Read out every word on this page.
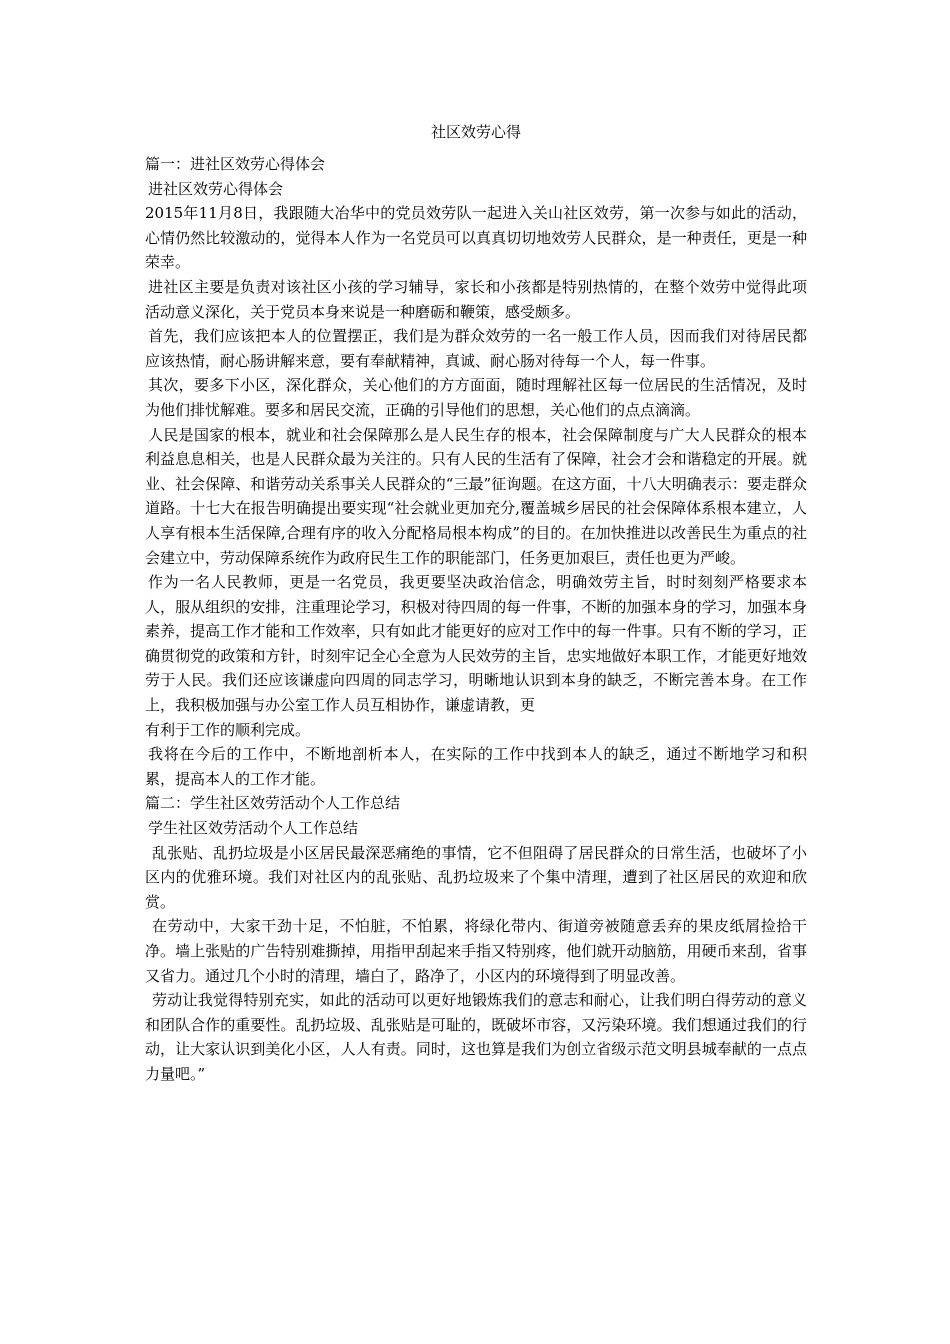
社区效劳心得
篇一：进社区效劳心得体会
进社区效劳心得体会
2015年11月8日，我跟随大冶华中的党员效劳队一起进入关山社区效劳，第一次参与如此的活动，心情仍然比较激动的，觉得本人作为一名党员可以真真切切地效劳人民群众，是一种责任，更是一种荣幸。
进社区主要是负责对该社区小孩的学习辅导，家长和小孩都是特别热情的，在整个效劳中觉得此项活动意义深化，关于党员本身来说是一种磨砺和鞭策，感受颇多。
首先，我们应该把本人的位置摆正，我们是为群众效劳的一名一般工作人员，因而我们对待居民都应该热情，耐心肠讲解来意，要有奉献精神，真诚、耐心肠对待每一个人，每一件事。
其次，要多下小区，深化群众，关心他们的方方面面，随时理解社区每一位居民的生活情况，及时为他们排忧解难。要多和居民交流，正确的引导他们的思想，关心他们的点点滴滴。
人民是国家的根本，就业和社会保障那么是人民生存的根本，社会保障制度与广大人民群众的根本利益息息相关，也是人民群众最为关注的。只有人民的生活有了保障，社会才会和谐稳定的开展。就业、社会保障、和谐劳动关系事关人民群众的“三最”征询题。在这方面，十八大明确表示：要走群众道路。十七大在报告明确提出要实现“社会就业更加充分,覆盖城乡居民的社会保障体系根本建立，人人享有根本生活保障,合理有序的收入分配格局根本构成”的目的。在加快推进以改善民生为重点的社会建立中，劳动保障系统作为政府民生工作的职能部门，任务更加艰巨，责任也更为严峻。
作为一名人民教师，更是一名党员，我更要坚决政治信念，明确效劳主旨，时时刻刻严格要求本人，服从组织的安排，注重理论学习，积极对待四周的每一件事，不断的加强本身的学习，加强本身素养，提高工作才能和工作效率，只有如此才能更好的应对工作中的每一件事。只有不断的学习，正确贯彻党的政策和方针，时刻牢记全心全意为人民效劳的主旨，忠实地做好本职工作，才能更好地效劳于人民。我们还应该谦虚向四周的同志学习，明晰地认识到本身的缺乏，不断完善本身。在工作上，我积极加强与办公室工作人员互相协作，谦虚请教，更
有利于工作的顺利完成。
我将在今后的工作中，不断地剖析本人，在实际的工作中找到本人的缺乏，通过不断地学习和积累，提高本人的工作才能。
篇二：学生社区效劳活动个人工作总结
学生社区效劳活动个人工作总结
乱张贴、乱扔垃圾是小区居民最深恶痛绝的事情，它不但阻碍了居民群众的日常生活，也破坏了小区内的优雅环境。我们对社区内的乱张贴、乱扔垃圾来了个集中清理，遭到了社区居民的欢迎和欣赏。
在劳动中，大家干劲十足，不怕脏，不怕累，将绿化带内、街道旁被随意丢弃的果皮纸屑捡拾干净。墙上张贴的广告特别难撕掉，用指甲刮起来手指又特别疼，他们就开动脑筋，用硬币来刮，省事又省力。通过几个小时的清理，墙白了，路净了，小区内的环境得到了明显改善。
劳动让我觉得特别充实，如此的活动可以更好地锻炼我们的意志和耐心，让我们明白得劳动的意义和团队合作的重要性。乱扔垃圾、乱张贴是可耻的，既破坏市容，又污染环境。我们想通过我们的行动，让大家认识到美化小区，人人有责。同时，这也算是我们为创立省级示范文明县城奉献的一点点力量吧。”
